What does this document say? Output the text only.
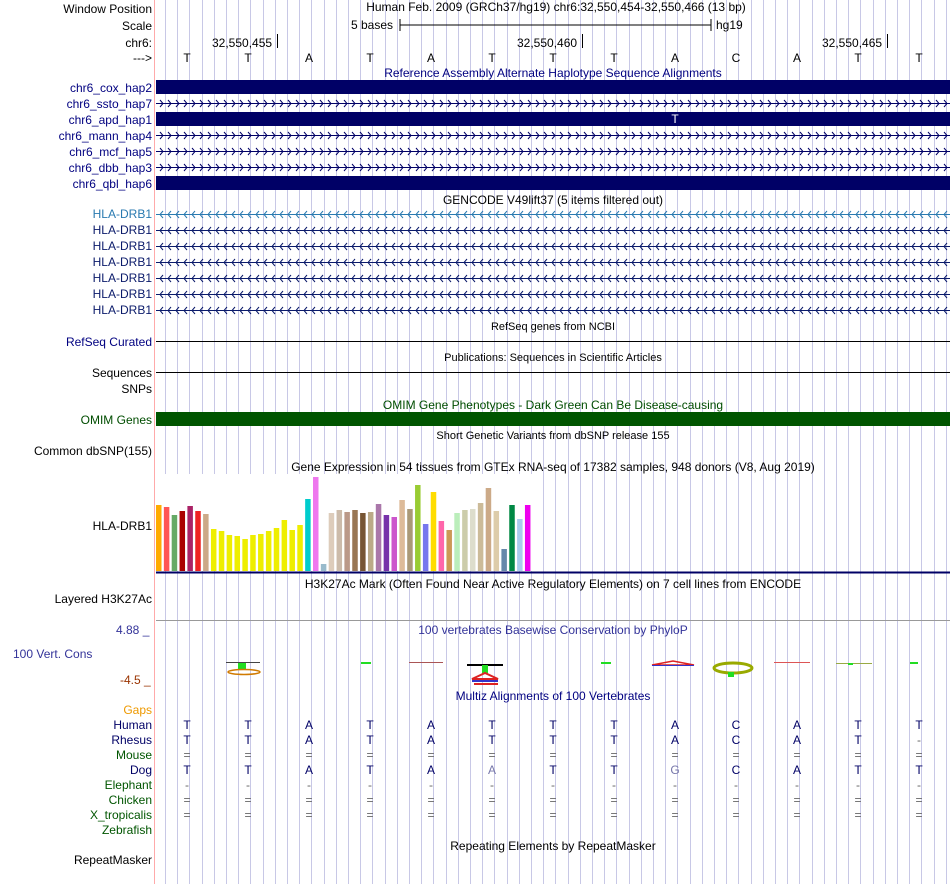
Window Position	Human Feb. 2009 (GRCh37/hg19) chr6:32,550,454-32,550,466 (13 bp)
Scale	5 bases	hg19
chr6:	32,550,455	32,550,460	32,550,465
--->	T	T	A	T	A	T	T	T	A	C	A	T	T
Reference Assembly Alternate Haplotype Sequence Alignments
chr6_cox_hap2
chr6_ssto_hap7
chr6_apd_hap1	T
chr6_mann_hap4
chr6_mcf_hap5
chr6_dbb_hap3
chr6_qbl_hap6
GENCODE V49lift37 (5 items filtered out)
HLA-DRB1
HLA-DRB1
HLA-DRB1
HLA-DRB1
HLA-DRB1
HLA-DRB1
HLA-DRB1
RefSeq genes from NCBI
RefSeq Curated
Publications: Sequences in Scientific Articles
Sequences
SNPs
OMIM Gene Phenotypes - Dark Green Can Be Disease-causing
OMIM Genes
Short Genetic Variants from dbSNP release 155
Common dbSNP(155)
Gene Expression in 54 tissues from GTEx RNA-seq of 17382 samples, 948 donors (V8, Aug 2019)
HLA-DRB1
H3K27Ac Mark (Often Found Near Active Regulatory Elements) on 7 cell lines from ENCODE
Layered H3K27Ac
100 vertebrates Basewise Conservation by PhyloP
4.88 _
100 Vert. Cons
-4.5 _
Multiz Alignments of 100 Vertebrates
Gaps
Human	T	T	A	T	A	T	T	T	A	C	A	T	T
Rhesus	T	T	A	T	A	T	T	T	A	C	A	T	-
Mouse	=	=	=	=	=	=	=	=	=	=	=	=	=
Dog	T	T	A	T	A	A	T	T	G	C	A	T	T
Elephant	-	-	-	-	-	-	-	-	-	-	-	-	-
Chicken	=	=	=	=	=	=	=	=	=	=	=	=	=
X_tropicalis	=	=	=	=	=	=	=	=	=	=	=	=	=
Zebrafish
Repeating Elements by RepeatMasker
RepeatMasker
